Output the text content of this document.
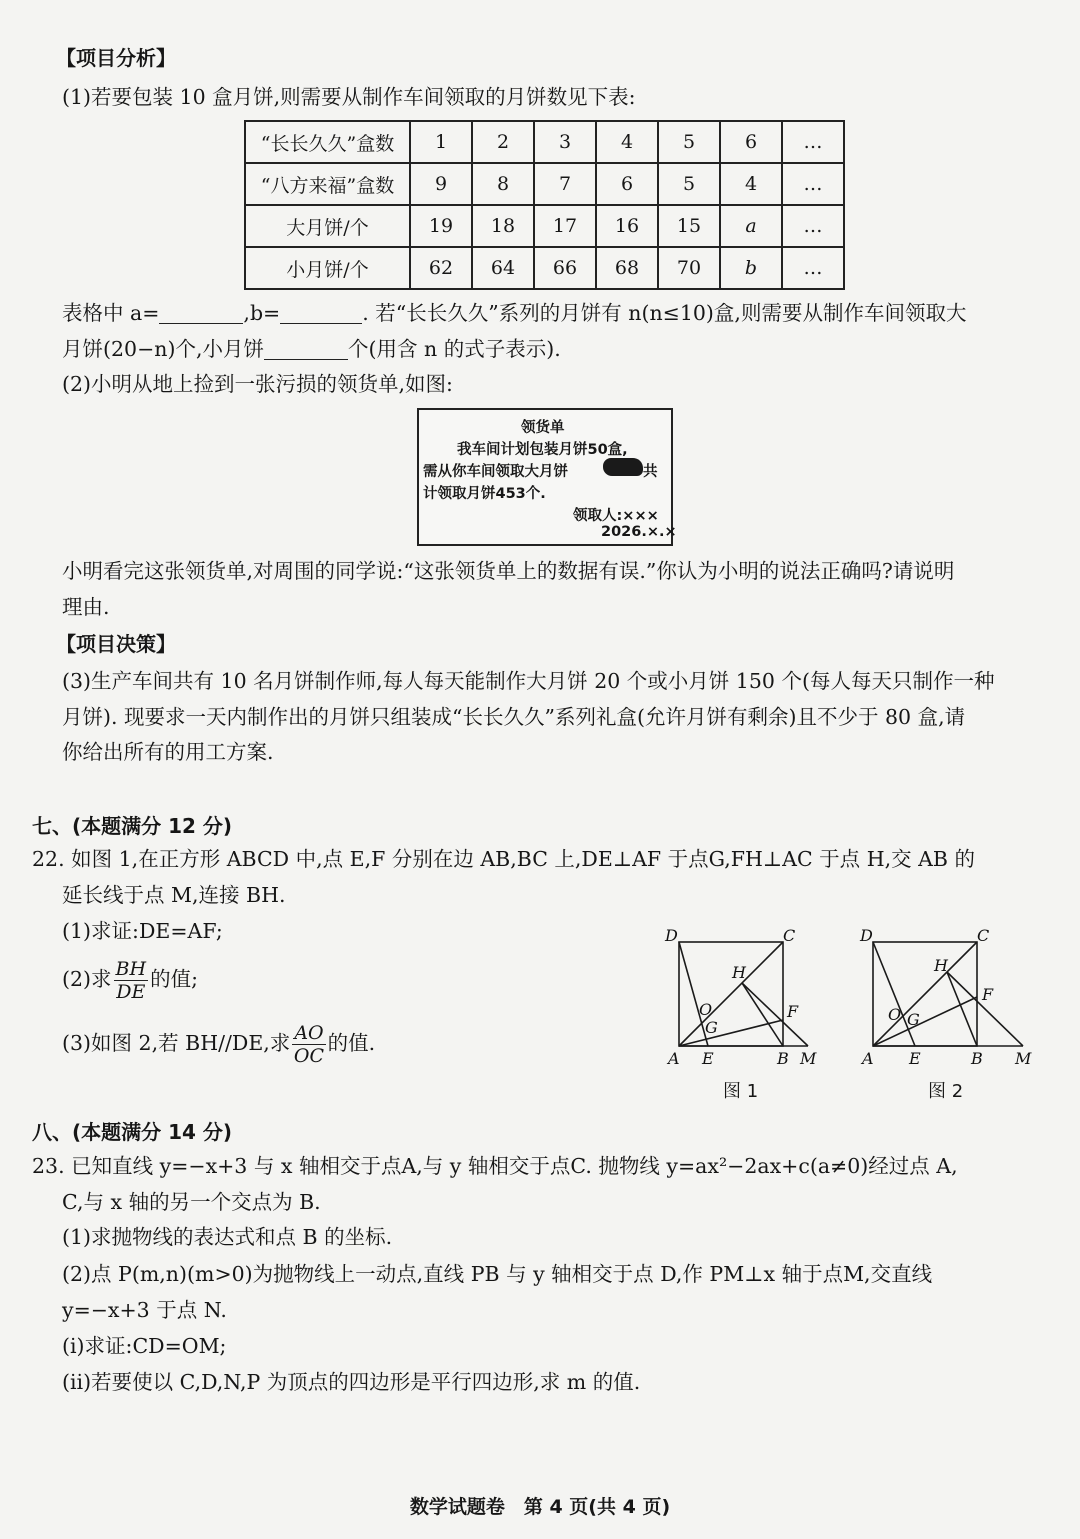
【项目分析】
(1)若要包装 10 盒月饼,则需要从制作车间领取的月饼数见下表:
“长长久久”盒数	1	2	3	4	5	6	…
“八方来福”盒数	9	8	7	6	5	4	…
大月饼/个	19	18	17	16	15	a	…
小月饼/个	62	64	66	68	70	b	…
表格中 a=	,b=	. 若“长长久久”系列的月饼有 n(n≤10)盒,则需要从制作车间领取大
月饼(20−n)个,小月饼	个(用含 n 的式子表示).
(2)小明从地上捡到一张污损的领货单,如图:
领货单
我车间计划包装月饼50盒,
需从你车间领取大月饼	共
计领取月饼453个.
领取人:×××
2026.×.×
小明看完这张领货单,对周围的同学说:“这张领货单上的数据有误.”你认为小明的说法正确吗?请说明
理由.
【项目决策】
(3)生产车间共有 10 名月饼制作师,每人每天能制作大月饼 20 个或小月饼 150 个(每人每天只制作一种
月饼). 现要求一天内制作出的月饼只组装成“长长久久”系列礼盒(允许月饼有剩余)且不少于 80 盒,请
你给出所有的用工方案.
七、(本题满分 12 分)
22. 如图 1,在正方形 ABCD 中,点 E,F 分别在边 AB,BC 上,DE⊥AF 于点G,FH⊥AC 于点 H,交 AB 的
延长线于点 M,连接 BH.
(1)求证:DE=AF;
(2)求 $\frac{BH}{DE}$ 的值;
(3)如图 2,若 BH//DE,求 $\frac{AO}{OC}$ 的值.
D	C
H
O
G
F
A E	B M
图 1
D	C
H
O G
F
A E	B M
图 2
八、(本题满分 14 分)
23. 已知直线 y=−x+3 与 x 轴相交于点A,与 y 轴相交于点C. 抛物线 y=ax²−2ax+c(a≠0)经过点 A,
C,与 x 轴的另一个交点为 B.
(1)求抛物线的表达式和点 B 的坐标.
(2)点 P(m,n)(m>0)为抛物线上一动点,直线 PB 与 y 轴相交于点 D,作 PM⊥x 轴于点M,交直线
y=−x+3 于点 N.
(ⅰ)求证:CD=OM;
(ⅱ)若要使以 C,D,N,P 为顶点的四边形是平行四边形,求 m 的值.
数学试题卷　第 4 页(共 4 页)
